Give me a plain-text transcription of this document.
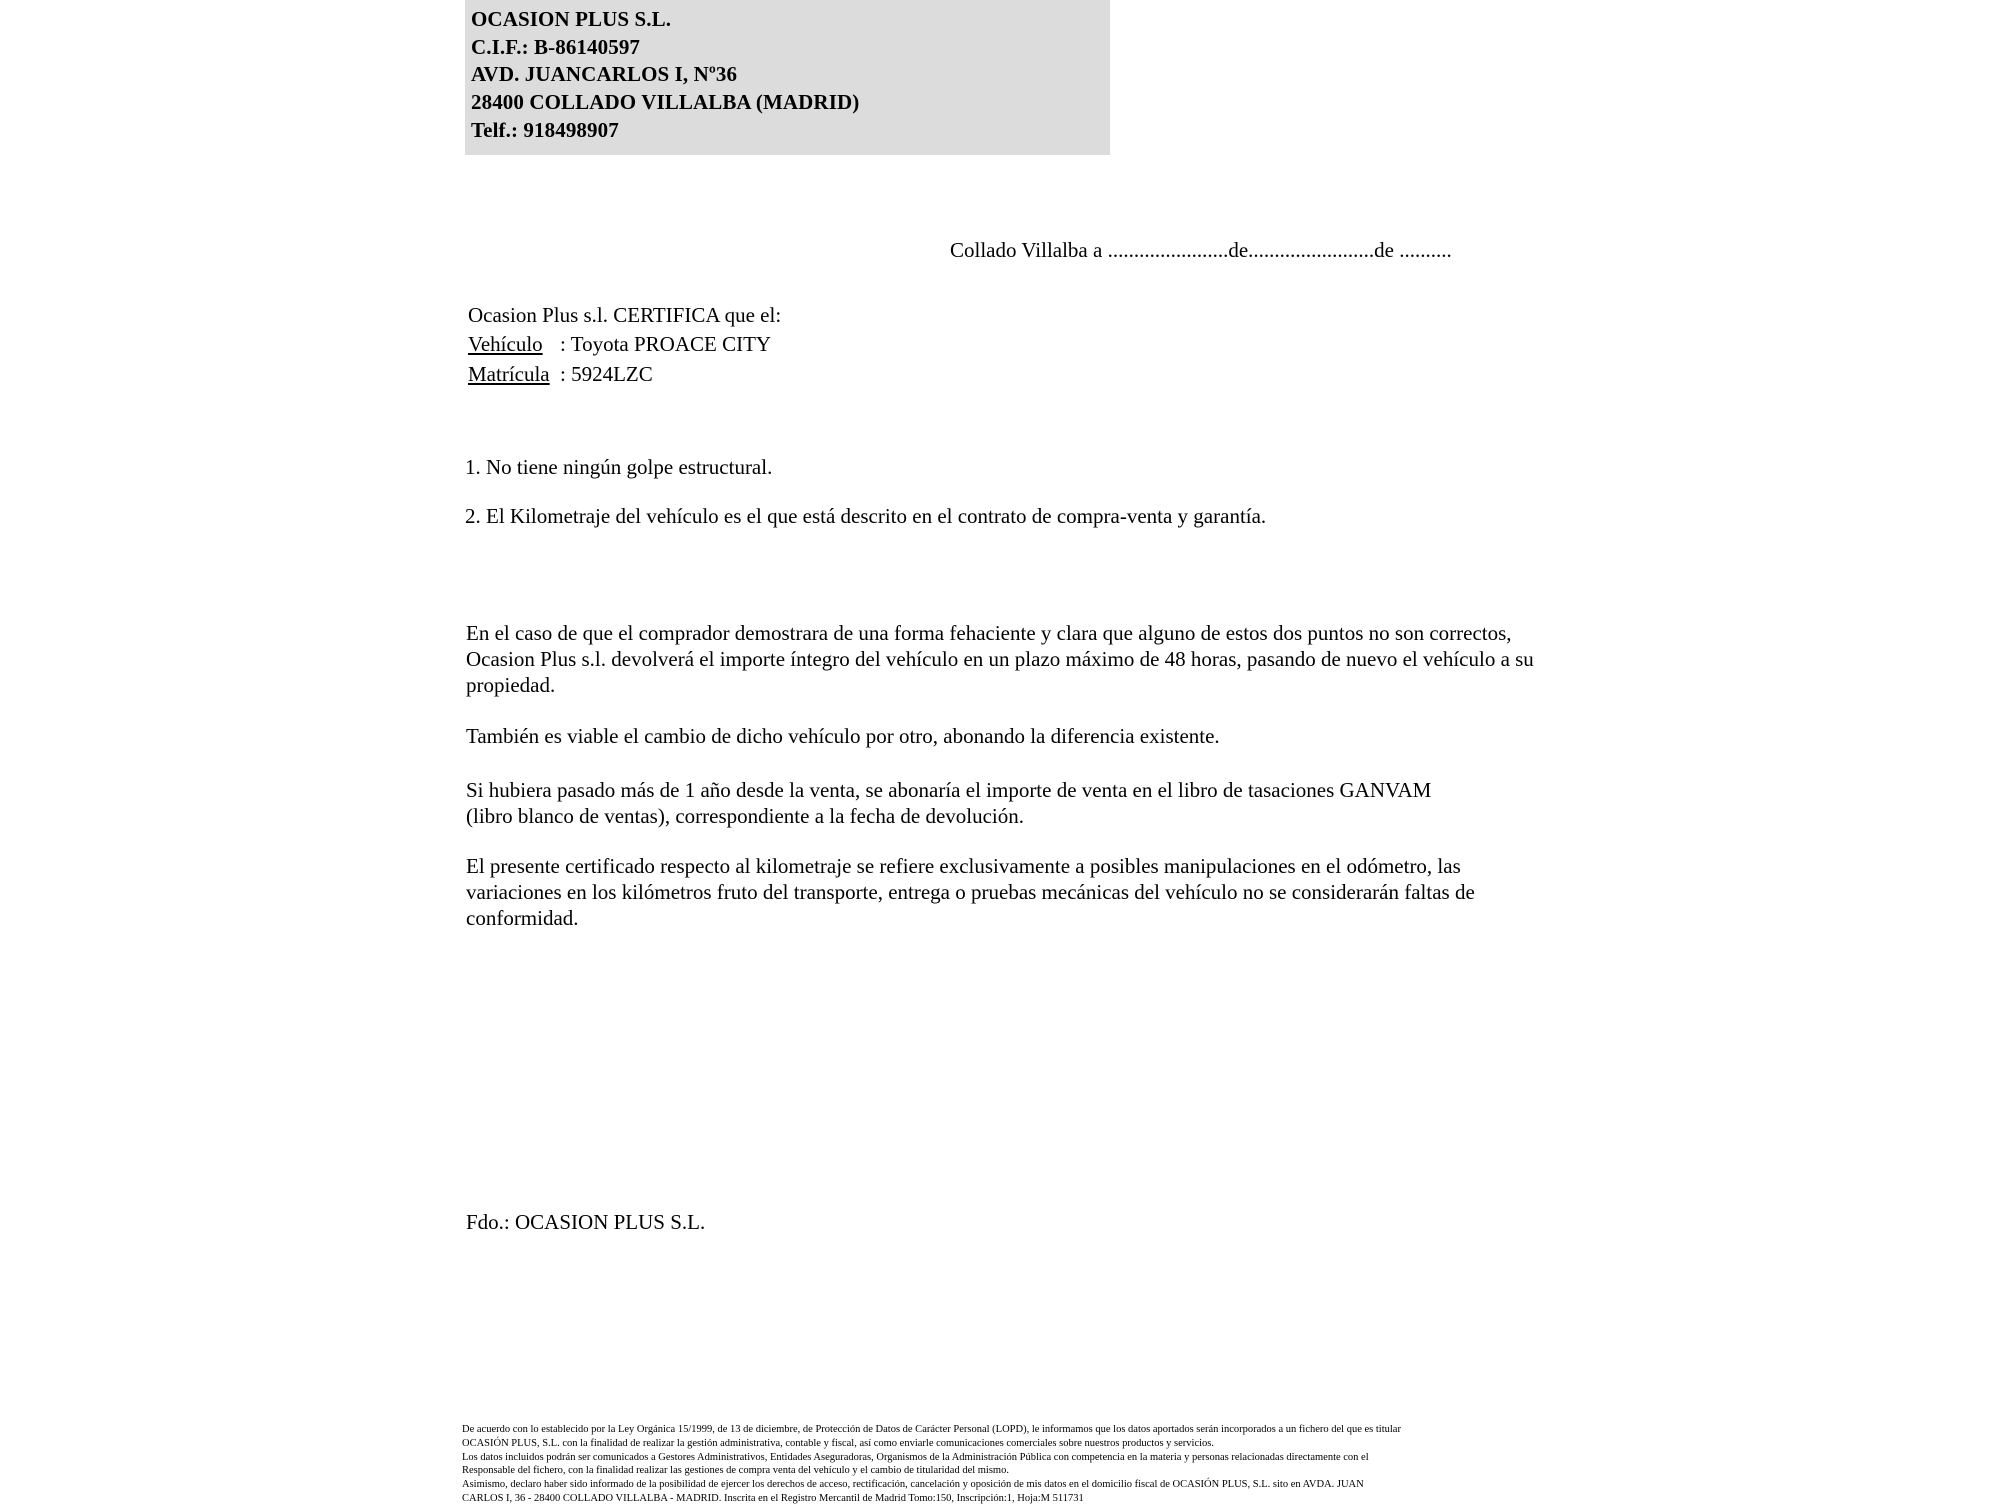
OCASION PLUS S.L.
C.I.F.: B-86140597
AVD. JUANCARLOS I, Nº36
28400 COLLADO VILLALBA (MADRID)
Telf.: 918498907
Collado Villalba a .......................de........................de ..........
Ocasion Plus s.l. CERTIFICA que el:
Vehículo : Toyota PROACE CITY
Matrícula : 5924LZC
1. No tiene ningún golpe estructural.
2. El Kilometraje del vehículo es el que está descrito en el contrato de compra-venta y garantía.
En el caso de que el comprador demostrara de una forma fehaciente y clara que alguno de estos dos puntos no son correctos, Ocasion Plus s.l. devolverá el importe íntegro del vehículo en un plazo máximo de 48 horas, pasando de nuevo el vehículo a su propiedad.
También es viable el cambio de dicho vehículo por otro, abonando la diferencia existente.
Si hubiera pasado más de 1 año desde la venta, se abonaría el importe de venta en el libro de tasaciones GANVAM (libro blanco de ventas), correspondiente a la fecha de devolución.
El presente certificado respecto al kilometraje se refiere exclusivamente a posibles manipulaciones en el odómetro, las variaciones en los kilómetros fruto del transporte, entrega o pruebas mecánicas del vehículo no se considerarán faltas de conformidad.
Fdo.: OCASION PLUS S.L.

De acuerdo con lo establecido por la Ley Orgánica 15/1999, de 13 de diciembre, de Protección de Datos de Carácter Personal (LOPD), le informamos que los datos aportados serán incorporados a un fichero del que es titular

OCASIÓN PLUS, S.L. con la finalidad de realizar la gestión administrativa, contable y fiscal, así como enviarle comunicaciones comerciales sobre nuestros productos y servicios.

Los datos incluidos podrán ser comunicados a Gestores Administrativos, Entidades Aseguradoras, Organismos de la Administración Pública con competencia en la materia y personas relacionadas directamente con el

Responsable del fichero, con la finalidad realizar las gestiones de compra venta del vehículo y el cambio de titularidad del mismo.

Asimismo, declaro haber sido informado de la posibilidad de ejercer los derechos de acceso, rectificación, cancelación y oposición de mis datos en el domicilio fiscal de OCASIÓN PLUS, S.L. sito en AVDA. JUAN

CARLOS I, 36 - 28400 COLLADO VILLALBA - MADRID. Inscrita en el Registro Mercantil de Madrid Tomo:150, Inscripción:1, Hoja:M 511731
